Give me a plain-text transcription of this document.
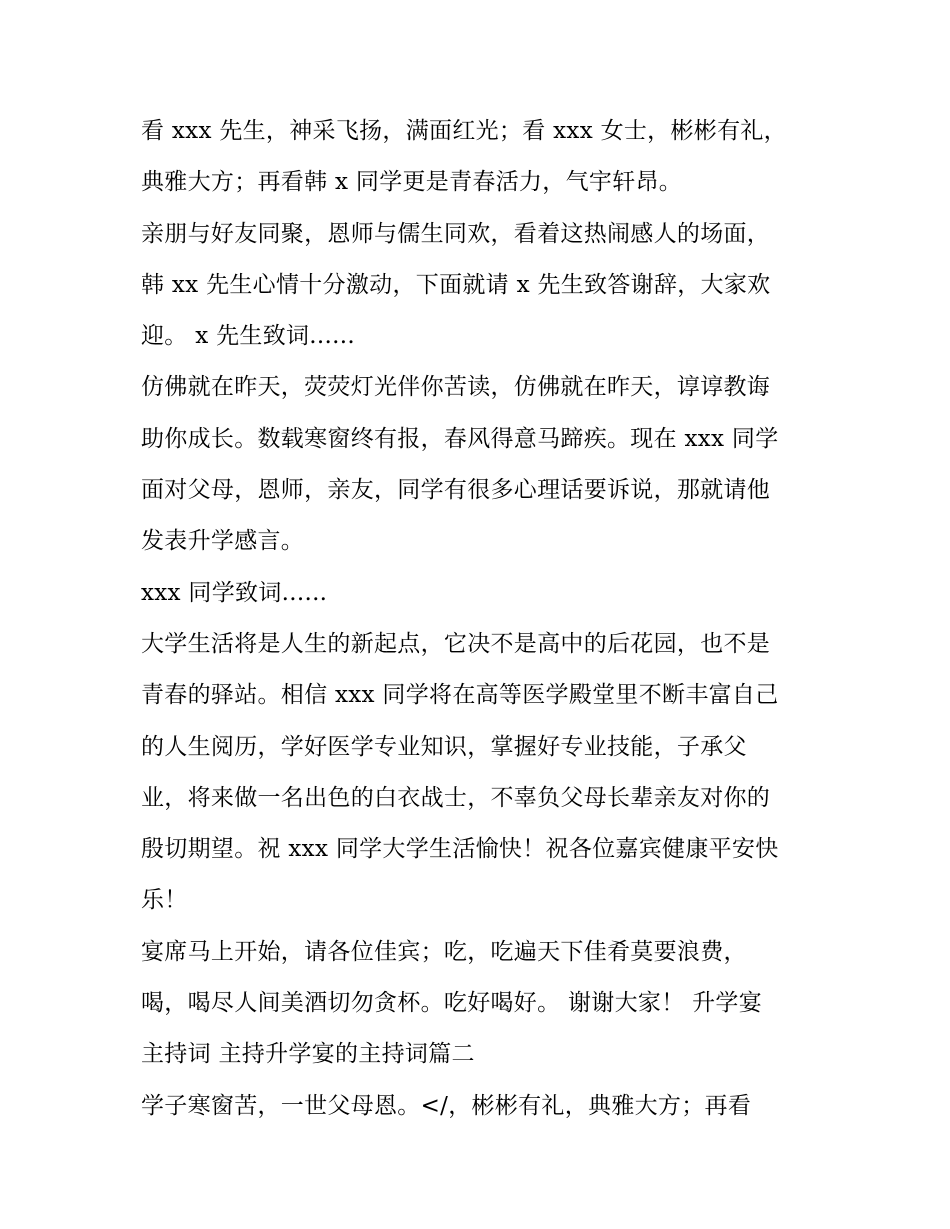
看 xxx 先生，神采飞扬，满面红光；看 xxx 女士，彬彬有礼，
典雅大方；再看韩 x 同学更是青春活力，气宇轩昂。
亲朋与好友同聚，恩师与儒生同欢，看着这热闹感人的场面，
韩 xx 先生心情十分激动，下面就请 x 先生致答谢辞，大家欢
迎。 x 先生致词......
仿佛就在昨天，荧荧灯光伴你苦读，仿佛就在昨天，谆谆教诲
助你成长。数载寒窗终有报，春风得意马蹄疾。现在 xxx 同学
面对父母，恩师，亲友，同学有很多心理话要诉说，那就请他
发表升学感言。
xxx 同学致词......
大学生活将是人生的新起点，它决不是高中的后花园，也不是
青春的驿站。相信 xxx 同学将在高等医学殿堂里不断丰富自己
的人生阅历，学好医学专业知识，掌握好专业技能，子承父
业，将来做一名出色的白衣战士，不辜负父母长辈亲友对你的
殷切期望。祝 xxx 同学大学生活愉快！祝各位嘉宾健康平安快
乐！
宴席马上开始，请各位佳宾；吃，吃遍天下佳肴莫要浪费，
喝，喝尽人间美酒切勿贪杯。吃好喝好。 谢谢大家！ 升学宴
主持词 主持升学宴的主持词篇二
学子寒窗苦，一世父母恩。</，彬彬有礼，典雅大方；再看
